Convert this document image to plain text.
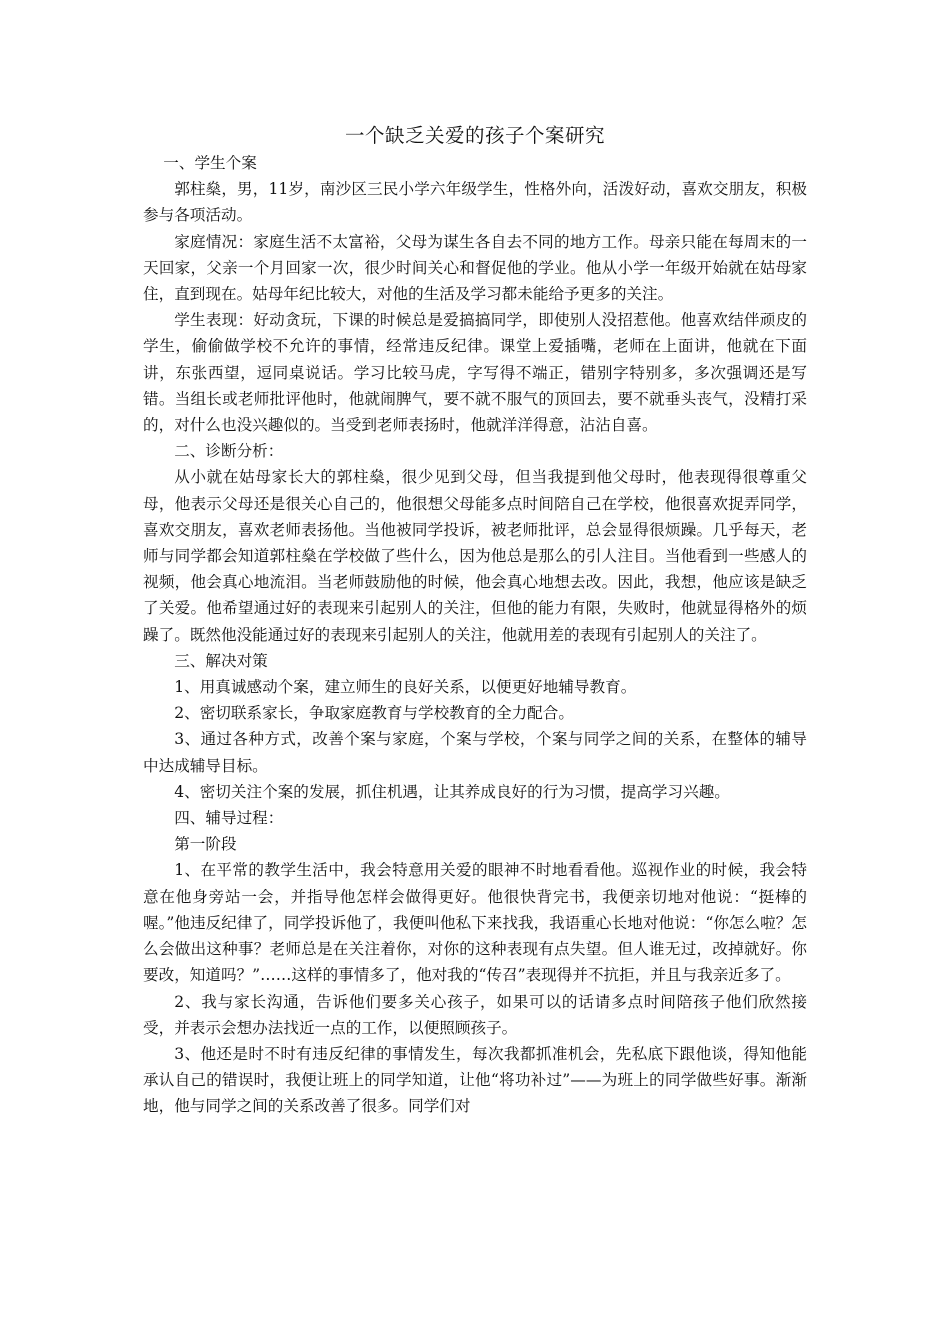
一个缺乏关爱的孩子个案研究

一、学生个案

郭柱燊，男，11岁，南沙区三民小学六年级学生，性格外向，活泼好动，喜欢交朋友，积极参与各项活动。

家庭情况：家庭生活不太富裕，父母为谋生各自去不同的地方工作。母亲只能在每周末的一天回家，父亲一个月回家一次，很少时间关心和督促他的学业。他从小学一年级开始就在姑母家住，直到现在。姑母年纪比较大，对他的生活及学习都未能给予更多的关注。

学生表现：好动贪玩，下课的时候总是爱搞搞同学，即使别人没招惹他。他喜欢结伴顽皮的学生，偷偷做学校不允许的事情，经常违反纪律。课堂上爱插嘴，老师在上面讲，他就在下面讲，东张西望，逗同桌说话。学习比较马虎，字写得不端正，错别字特别多，多次强调还是写错。当组长或老师批评他时，他就闹脾气，要不就不服气的顶回去，要不就垂头丧气，没精打采的，对什么也没兴趣似的。当受到老师表扬时，他就洋洋得意，沾沾自喜。

二、诊断分析：

从小就在姑母家长大的郭柱燊，很少见到父母，但当我提到他父母时，他表现得很尊重父母，他表示父母还是很关心自己的，他很想父母能多点时间陪自己在学校，他很喜欢捉弄同学，喜欢交朋友，喜欢老师表扬他。当他被同学投诉，被老师批评，总会显得很烦躁。几乎每天，老师与同学都会知道郭柱燊在学校做了些什么，因为他总是那么的引人注目。当他看到一些感人的视频，他会真心地流泪。当老师鼓励他的时候，他会真心地想去改。因此，我想，他应该是缺乏了关爱。他希望通过好的表现来引起别人的关注，但他的能力有限，失败时，他就显得格外的烦躁了。既然他没能通过好的表现来引起别人的关注，他就用差的表现有引起别人的关注了。

三、解决对策

1、用真诚感动个案，建立师生的良好关系，以便更好地辅导教育。

2、密切联系家长，争取家庭教育与学校教育的全力配合。

3、通过各种方式，改善个案与家庭，个案与学校，个案与同学之间的关系，在整体的辅导中达成辅导目标。

4、密切关注个案的发展，抓住机遇，让其养成良好的行为习惯，提高学习兴趣。

四、辅导过程：

第一阶段

1、在平常的教学生活中，我会特意用关爱的眼神不时地看看他。巡视作业的时候，我会特意在他身旁站一会，并指导他怎样会做得更好。他很快背完书，我便亲切地对他说：“挺棒的喔。”他违反纪律了，同学投诉他了，我便叫他私下来找我，我语重心长地对他说：“你怎么啦？怎么会做出这种事？老师总是在关注着你，对你的这种表现有点失望。但人谁无过，改掉就好。你要改，知道吗？”……这样的事情多了，他对我的“传召”表现得并不抗拒，并且与我亲近多了。

2、我与家长沟通，告诉他们要多关心孩子，如果可以的话请多点时间陪孩子他们欣然接受，并表示会想办法找近一点的工作，以便照顾孩子。

3、他还是时不时有违反纪律的事情发生，每次我都抓准机会，先私底下跟他谈，得知他能承认自己的错误时，我便让班上的同学知道，让他“将功补过”——为班上的同学做些好事。渐渐地，他与同学之间的关系改善了很多。同学们对
